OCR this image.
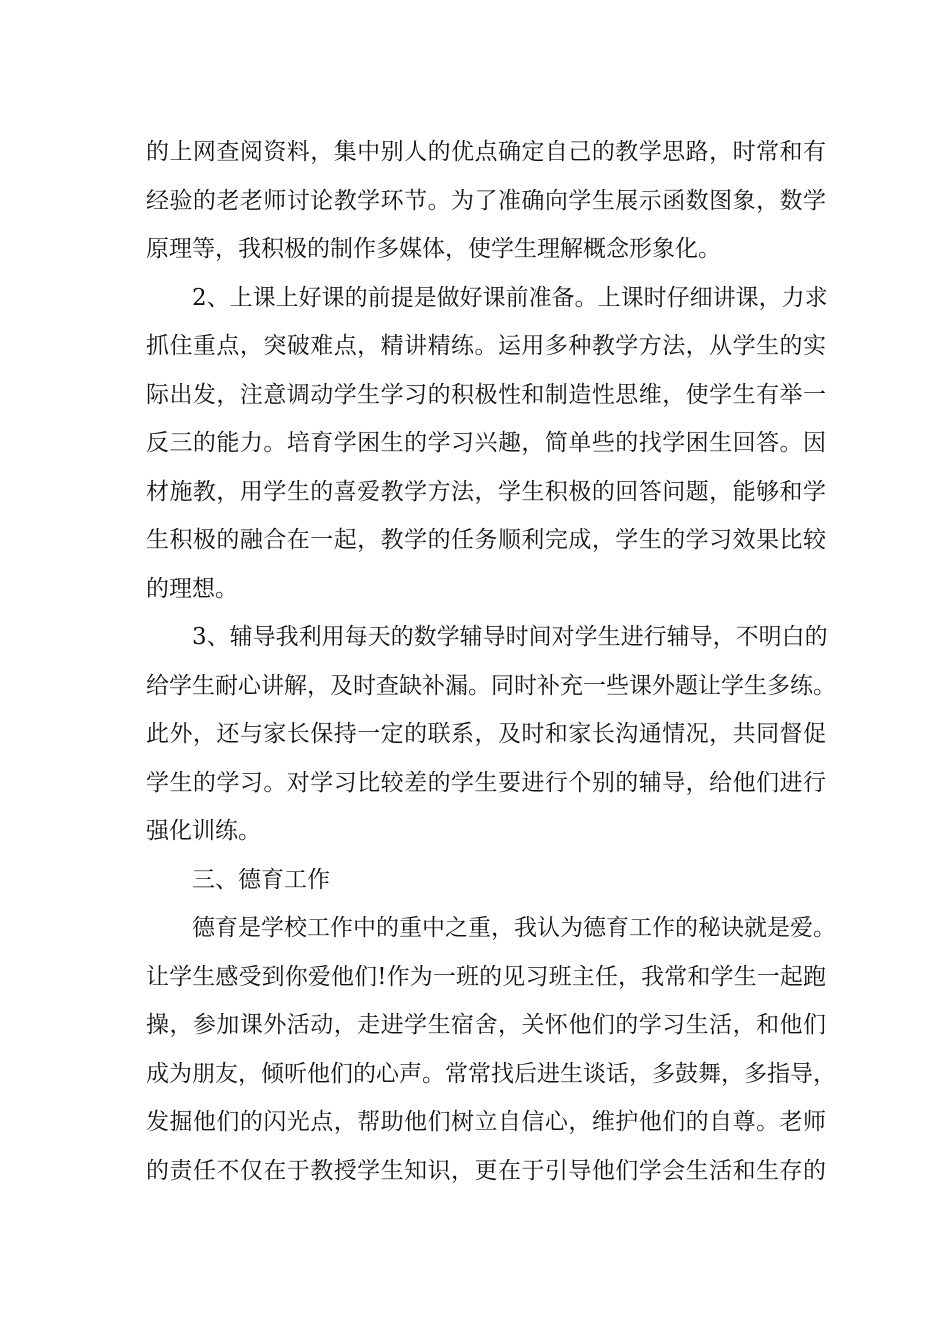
的上网查阅资料，集中别人的优点确定自己的教学思路，时常和有
经验的老老师讨论教学环节。为了准确向学生展示函数图象，数学
原理等，我积极的制作多媒体，使学生理解概念形象化。
2、上课上好课的前提是做好课前准备。上课时仔细讲课，力求
抓住重点，突破难点，精讲精练。运用多种教学方法，从学生的实
际出发，注意调动学生学习的积极性和制造性思维，使学生有举一
反三的能力。培育学困生的学习兴趣，简单些的找学困生回答。因
材施教，用学生的喜爱教学方法，学生积极的回答问题，能够和学
生积极的融合在一起，教学的任务顺利完成，学生的学习效果比较
的理想。
3、辅导我利用每天的数学辅导时间对学生进行辅导，不明白的
给学生耐心讲解，及时查缺补漏。同时补充一些课外题让学生多练。
此外，还与家长保持一定的联系，及时和家长沟通情况，共同督促
学生的学习。对学习比较差的学生要进行个别的辅导，给他们进行
强化训练。
三、德育工作
德育是学校工作中的重中之重，我认为德育工作的秘诀就是爱。
让学生感受到你爱他们!作为一班的见习班主任，我常和学生一起跑
操，参加课外活动，走进学生宿舍，关怀他们的学习生活，和他们
成为朋友，倾听他们的心声。常常找后进生谈话，多鼓舞，多指导，
发掘他们的闪光点，帮助他们树立自信心，维护他们的自尊。老师
的责任不仅在于教授学生知识，更在于引导他们学会生活和生存的
